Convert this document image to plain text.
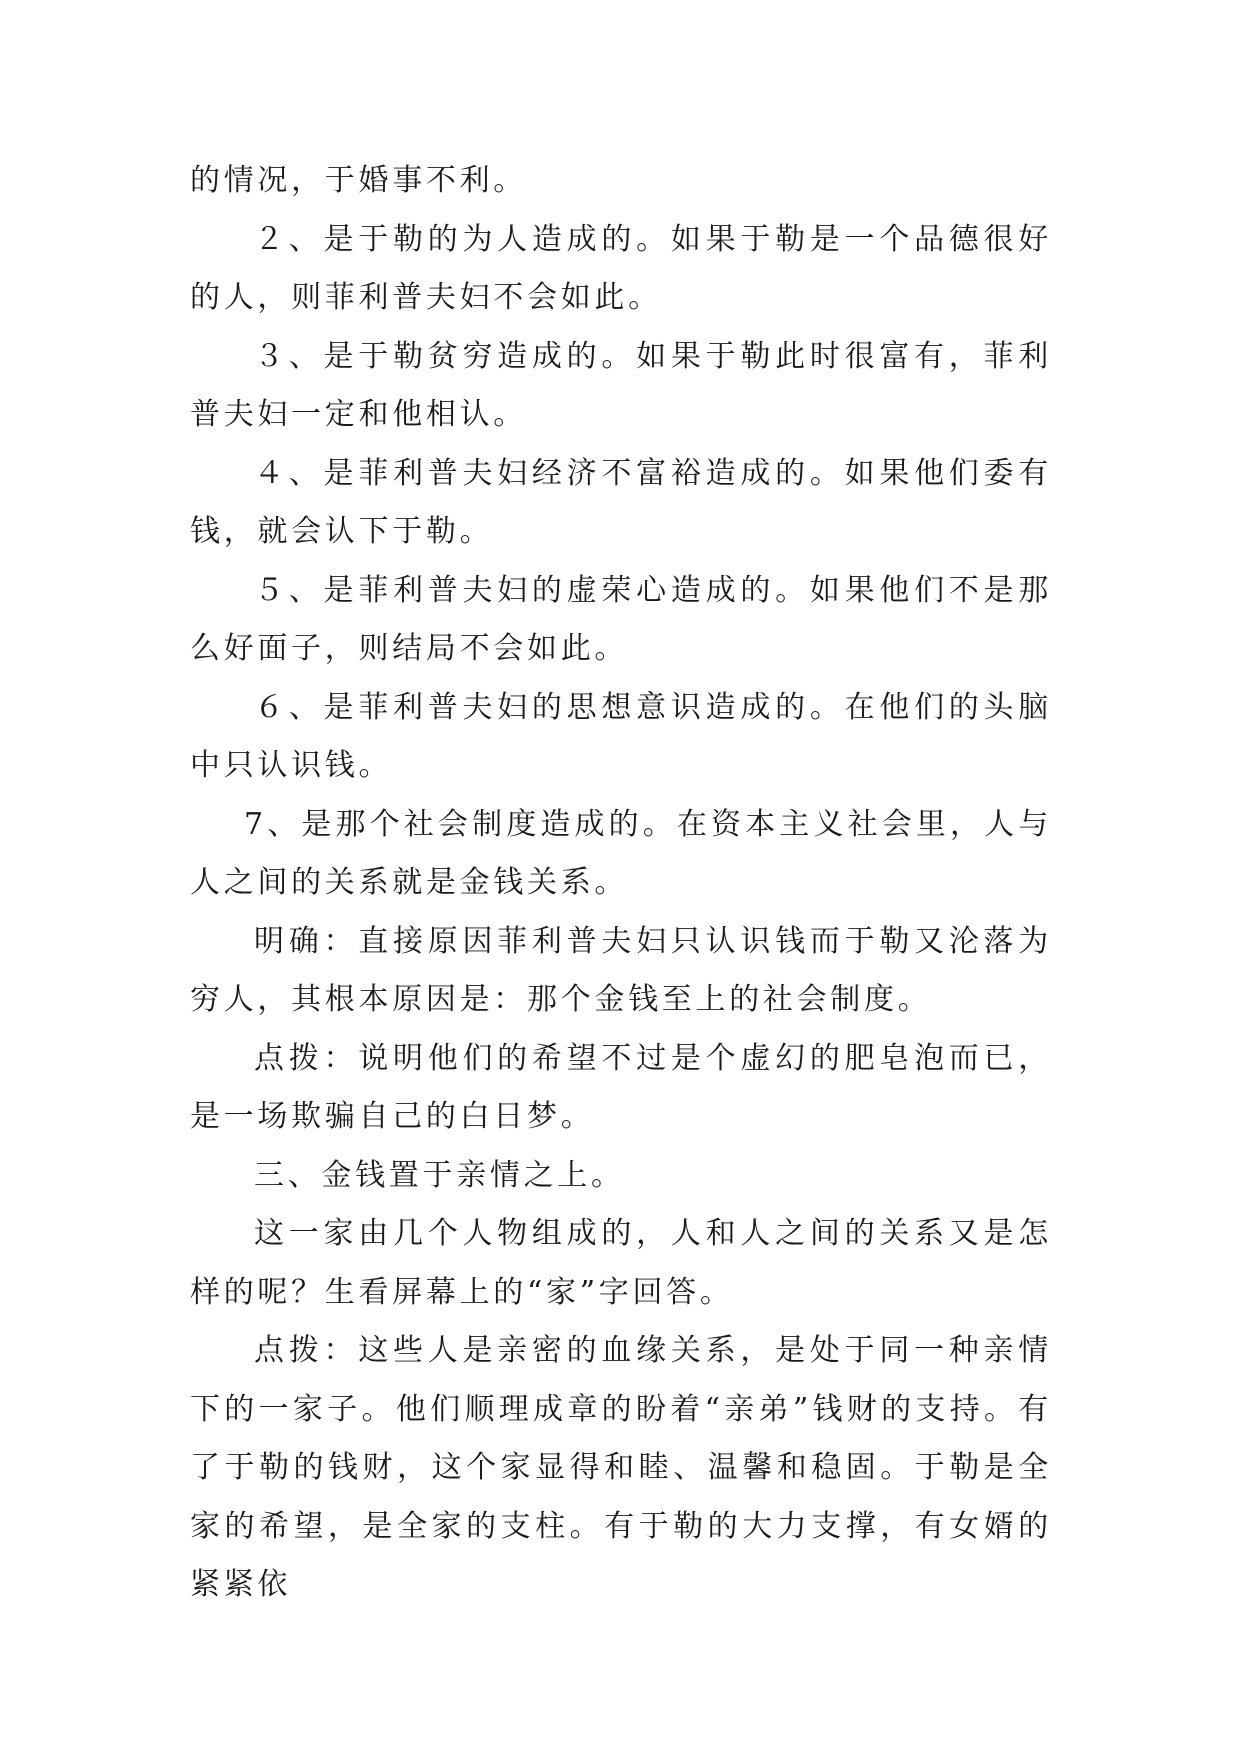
的情况，于婚事不利。

２、是于勒的为人造成的。如果于勒是一个品德很好的人，则菲利普夫妇不会如此。

３、是于勒贫穷造成的。如果于勒此时很富有，菲利普夫妇一定和他相认。

４、是菲利普夫妇经济不富裕造成的。如果他们委有钱，就会认下于勒。

５、是菲利普夫妇的虚荣心造成的。如果他们不是那么好面子，则结局不会如此。

６、是菲利普夫妇的思想意识造成的。在他们的头脑中只认识钱。

7、是那个社会制度造成的。在资本主义社会里，人与人之间的关系就是金钱关系。

明确：直接原因菲利普夫妇只认识钱而于勒又沦落为穷人，其根本原因是：那个金钱至上的社会制度。

点拨：说明他们的希望不过是个虚幻的肥皂泡而已，是一场欺骗自己的白日梦。

三、金钱置于亲情之上。

这一家由几个人物组成的，人和人之间的关系又是怎样的呢？生看屏幕上的“家”字回答。

点拨：这些人是亲密的血缘关系，是处于同一种亲情下的一家子。他们顺理成章的盼着“亲弟”钱财的支持。有了于勒的钱财，这个家显得和睦、温馨和稳固。于勒是全家的希望，是全家的支柱。有于勒的大力支撑，有女婿的紧紧依
